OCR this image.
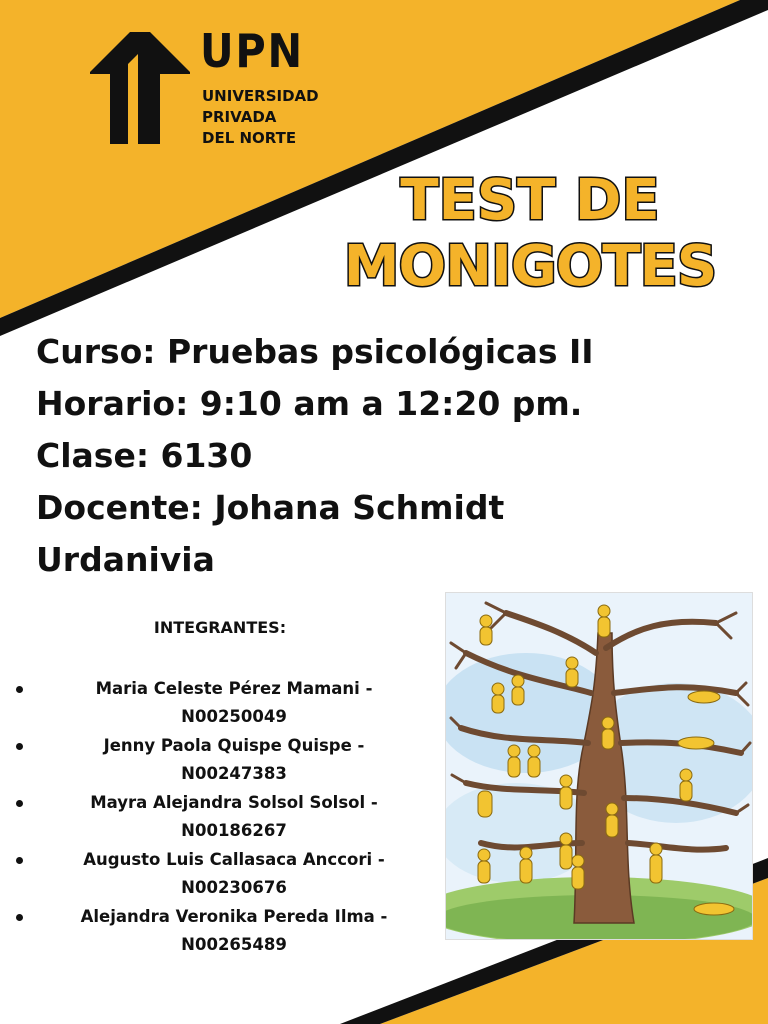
UPN
UNIVERSIDAD
PRIVADA
DEL NORTE
TEST DE
MONIGOTES
Curso: Pruebas psicológicas II
Horario: 9:10 am a 12:20 pm.
Clase: 6130
Docente: Johana Schmidt
Urdanivia
INTEGRANTES:
Maria Celeste Pérez Mamani -
N00250049
Jenny Paola Quispe Quispe -
N00247383
Mayra Alejandra Solsol Solsol -
N00186267
Augusto Luis Callasaca Anccori -
N00230676
Alejandra Veronika Pereda Ilma -
N00265489
